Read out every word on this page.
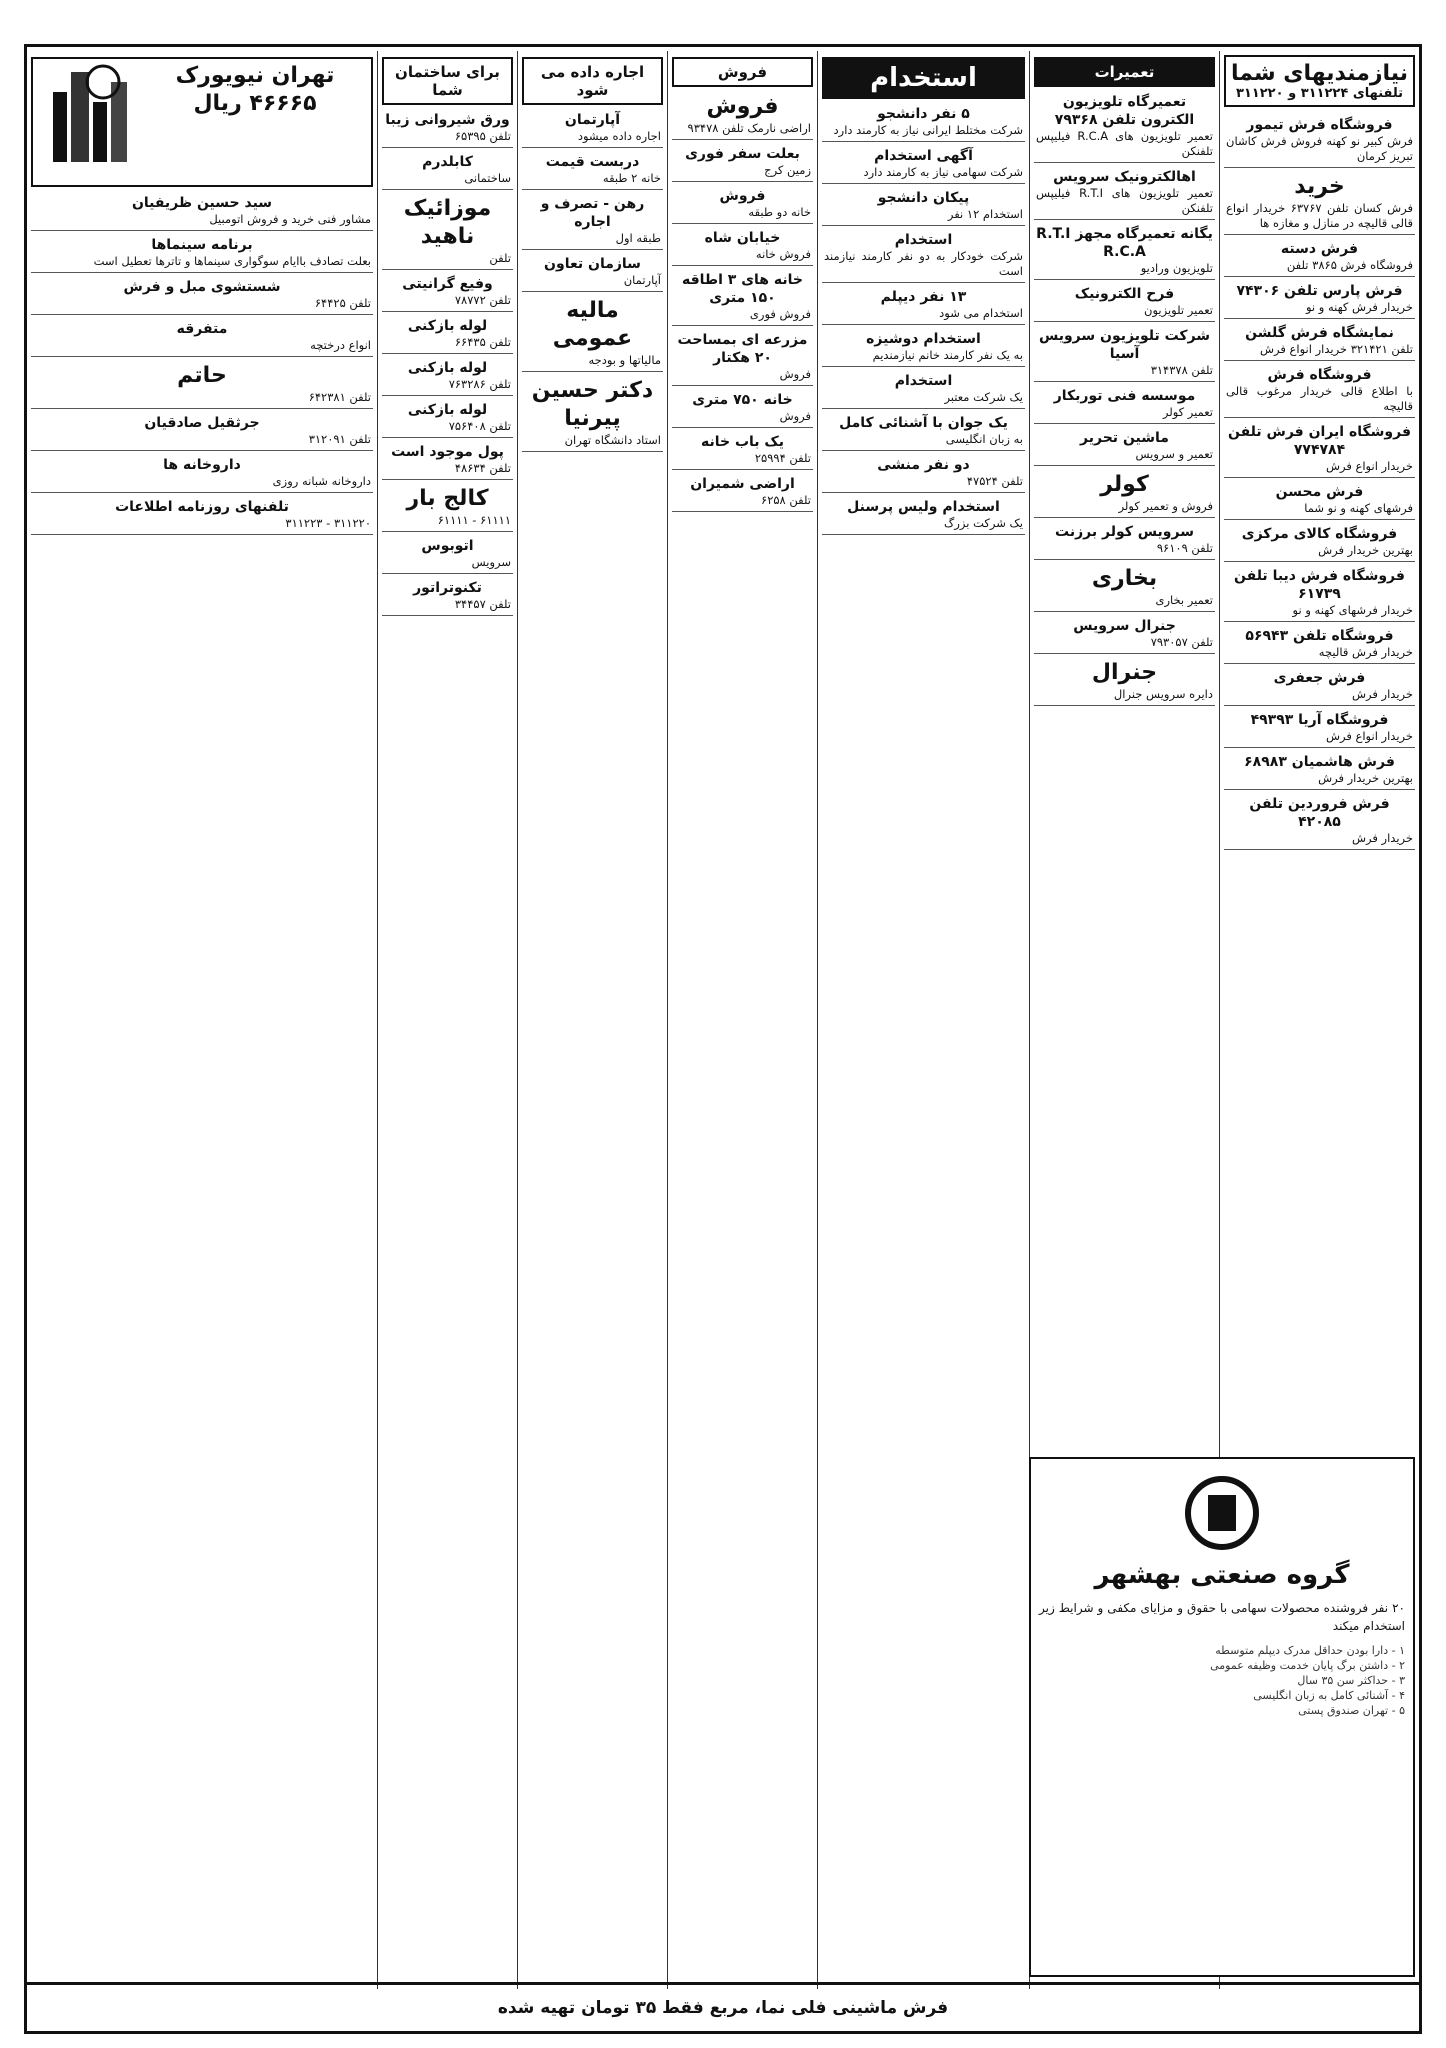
نیازمندیهای شما
تلفنهای ۳۱۱۲۲۴ و ۳۱۱۲۲۰
فروشگاه فرش تیمور
فرش کبیر نو کهنه فروش فرش کاشان تبریز کرمان
خرید
فرش کسان تلفن ۶۳۷۶۷ خریدار انواع قالی قالیچه در منازل و مغازه ها
فرش دسته
فروشگاه فرش ۳۸۶۵ تلفن
فرش پارس تلفن ۷۴۳۰۶
خریدار فرش کهنه و نو
نمایشگاه فرش گلشن
تلفن ۳۲۱۴۲۱ خریدار انواع فرش
فروشگاه فرش
با اطلاع قالی خریدار مرغوب قالی قالیچه
فروشگاه ایران فرش تلفن ۷۷۴۷۸۴
خریدار انواع فرش
فرش محسن
فرشهای کهنه و نو شما
فروشگاه کالای مرکزی
بهترین خریدار فرش
فروشگاه فرش دیبا تلفن ۶۱۷۳۹
خریدار فرشهای کهنه و نو
فروشگاه تلفن ۵۶۹۴۳
خریدار فرش قالیچه
فرش جعفری
خریدار فرش
فروشگاه آریا ۴۹۳۹۳
خریدار انواع فرش
فرش هاشمیان ۶۸۹۸۳
بهترین خریدار فرش
فرش فروردین تلفن ۴۲۰۸۵
خریدار فرش
تعمیرات
تعمیرگاه تلویزیون الکترون تلفن ۷۹۳۶۸
تعمیر تلویزیون های R.C.A فیلیپس تلفنکن
اهالکترونیک سرویس
تعمیر تلویزیون های R.T.I فیلیپس تلفنکن
یگانه تعمیرگاه مجهز R.T.I R.C.A
تلویزیون ورادیو
فرح الکترونیک
تعمیر تلویزیون
شرکت تلویزیون سرویس آسیا
تلفن ۳۱۴۳۷۸
موسسه فنی توربکار
تعمیر کولر
ماشین تحریر
تعمیر و سرویس
کولر
فروش و تعمیر کولر
سرویس کولر برزنت
تلفن ۹۶۱۰۹
بخاری
تعمیر بخاری
جنرال سرویس
تلفن ۷۹۳۰۵۷
جنرال
دایره سرویس جنرال
استخدام
۵ نفر دانشجو
شرکت مختلط ایرانی نیاز به کارمند دارد
آگهی استخدام
شرکت سهامی نیاز به کارمند دارد
پیکان دانشجو
استخدام ۱۲ نفر
استخدام
شرکت خودکار به دو نفر کارمند نیازمند است
۱۳ نفر دیپلم
استخدام می شود
استخدام دوشیزه
به یک نفر کارمند خانم نیازمندیم
استخدام
یک شرکت معتبر
یک جوان با آشنائی کامل
به زبان انگلیسی
دو نفر منشی
تلفن ۴۷۵۲۴
استخدام ولیس پرسنل
یک شرکت بزرگ
فروش
فروش
اراضی نارمک تلفن ۹۳۴۷۸
بعلت سفر فوری
زمین کرج
فروش
خانه دو طبقه
خیابان شاه
فروش خانه
خانه های ۳ اطاقه ۱۵۰ متری
فروش فوری
مزرعه ای بمساحت ۲۰ هکتار
فروش
خانه ۷۵۰ متری
فروش
یک باب خانه
تلفن ۲۵۹۹۴
اراضی شمیران
تلفن ۶۲۵۸
اجاره داده می شود
آپارتمان
اجاره داده میشود
دربست قیمت
خانه ۲ طبقه
رهن - تصرف و اجاره
طبقه اول
سازمان تعاون
آپارتمان
مالیه عمومی
مالیاتها و بودجه
دکتر حسین پیرنیا
استاد دانشگاه تهران
برای ساختمان شما
ورق شیروانی زیبا
تلفن ۶۵۳۹۵
کابلدرم
ساختمانی
موزائیک ناهید
تلفن
وفیع گرانیتی
تلفن ۷۸۷۷۲
لوله بازکنی
تلفن ۶۶۴۳۵
لوله بازکنی
تلفن ۷۶۳۲۸۶
لوله بازکنی
تلفن ۷۵۶۴۰۸
پول موجود است
تلفن ۴۸۶۳۴
کالج بار
۶۱۱۱۱ - ۶۱۱۱۱
اتوبوس
سرویس
تکنوتراتور
تلفن ۳۴۴۵۷
تهران نیویورک
۴۶۶۶۵ ریال
سید حسین ظریفیان
مشاور فنی خرید و فروش اتومبیل
برنامه سینماها
بعلت تصادف باایام سوگواری سینماها و تاترها تعطیل است
شستشوی مبل و فرش
تلفن ۶۴۴۲۵
متفرقه
انواع درختچه
حاتم
تلفن ۶۴۲۳۸۱
جرثقیل صادقیان
تلفن ۳۱۲۰۹۱
داروخانه ها
داروخانه شبانه روزی
تلفنهای روزنامه اطلاعات
۳۱۱۲۲۰ - ۳۱۱۲۲۳
گروه صنعتی بهشهر
۲۰ نفر فروشنده محصولات سهامی با حقوق و مزایای مکفی و شرایط زیر استخدام میکند
۱ - دارا بودن حداقل مدرک دیپلم متوسطه
۲ - داشتن برگ پایان خدمت وظیفه عمومی
۳ - حداکثر سن ۳۵ سال
۴ - آشنائی کامل به زبان انگلیسی
۵ - تهران صندوق پستی
فرش ماشینی فلی نما، مربع فقط ۳۵ تومان تهیه شده
